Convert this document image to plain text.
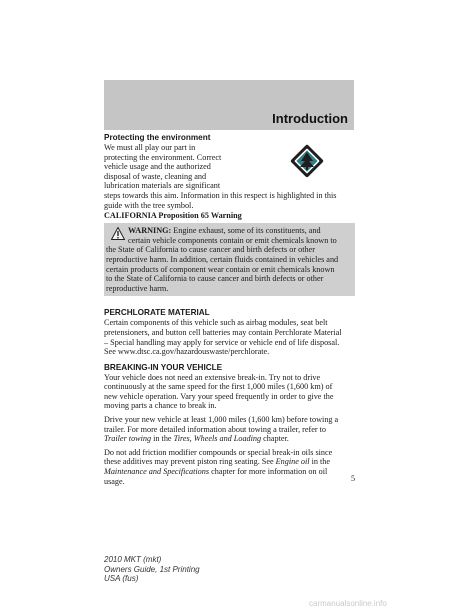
Introduction
Protecting the environment

We must all play our part in

protecting the environment. Correct

vehicle usage and the authorized

disposal of waste, cleaning and

lubrication materials are significant

steps towards this aim. Information in this respect is highlighted in this

guide with the tree symbol.

CALIFORNIA Proposition 65 Warning

WARNING: Engine exhaust, some of its constituents, and

certain vehicle components contain or emit chemicals known to

the State of California to cause cancer and birth defects or other

reproductive harm. In addition, certain fluids contained in vehicles and

certain products of component wear contain or emit chemicals known

to the State of California to cause cancer and birth defects or other

reproductive harm.

PERCHLORATE MATERIAL

Certain components of this vehicle such as airbag modules, seat belt

pretensioners, and button cell batteries may contain Perchlorate Material

– Special handling may apply for service or vehicle end of life disposal.

See www.dtsc.ca.gov/hazardouswaste/perchlorate.

BREAKING-IN YOUR VEHICLE

Your vehicle does not need an extensive break-in. Try not to drive

continuously at the same speed for the first 1,000 miles (1,600 km) of

new vehicle operation. Vary your speed frequently in order to give the

moving parts a chance to break in.

Drive your new vehicle at least 1,000 miles (1,600 km) before towing a

trailer. For more detailed information about towing a trailer, refer to

Trailer towing in the Tires, Wheels and Loading chapter.

Do not add friction modifier compounds or special break-in oils since

these additives may prevent piston ring seating. See Engine oil in the

Maintenance and Specifications chapter for more information on oil

usage.	5
2010 MKT (mkt)
Owners Guide, 1st Printing
USA (fus)
carmanualsonline.info
